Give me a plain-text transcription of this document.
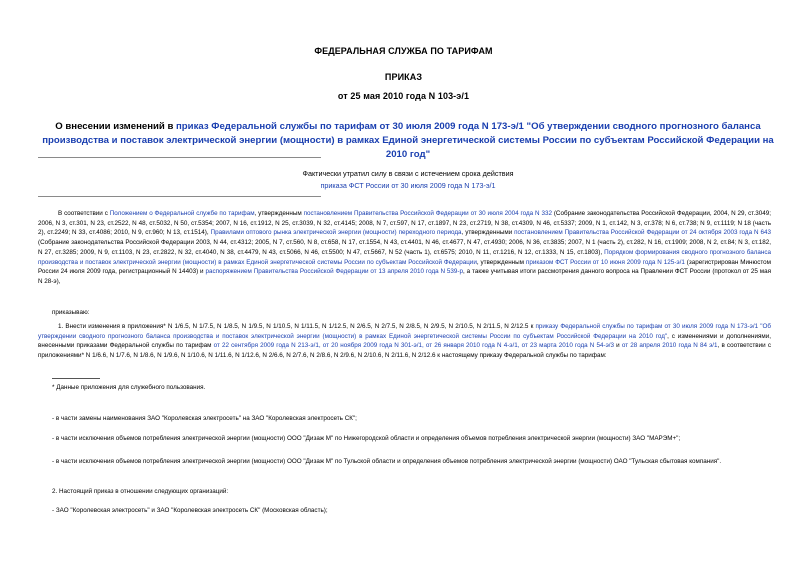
ФЕДЕРАЛЬНАЯ СЛУЖБА ПО ТАРИФАМ
ПРИКАЗ
от 25 мая 2010 года N 103-э/1
О внесении изменений в приказ Федеральной службы по тарифам от 30 июля 2009 года N 173-э/1 "Об утверждении сводного прогнозного баланса производства и поставок электрической энергии (мощности) в рамках Единой энергетической системы России по субъектам Российской Федерации на 2010 год"
Фактически утратил силу в связи с истечением срока действия
приказа ФСТ России от 30 июля 2009 года N 173-э/1

В соответствии с Положением о Федеральной службе по тарифам, утвержденным постановлением Правительства Российской Федерации от 30 июля 2004 года N 332 (Собрание законодательства Российской Федерации, 2004, N 29, ст.3049; 2006, N 3, ст.301, N 23, ст.2522, N 48, ст.5032, N 50, ст.5354; 2007, N 16, ст.1912, N 25, ст.3039, N 32, ст.4145; 2008, N 7, ст.597, N 17, ст.1897, N 23, ст.2719, N 38, ст.4309, N 46, ст.5337; 2009, N 1, ст.142, N 3, ст.378; N 6, ст.738; N 9, ст.1119; N 18 (часть 2), ст.2249; N 33, ст.4086; 2010, N 9, ст.960; N 13, ст.1514), Правилами оптового рынка электрической энергии (мощности) переходного периода, утвержденными постановлением Правительства Российской Федерации от 24 октября 2003 года N 643 (Собрание законодательства Российской Федерации 2003, N 44, ст.4312; 2005, N 7, ст.560, N 8, ст.658, N 17, ст.1554, N 43, ст.4401, N 46, ст.4677, N 47, ст.4930; 2006, N 36, ст.3835; 2007, N 1 (часть 2), ст.282, N 16, ст.1909; 2008, N 2, ст.84; N 3, ст.182, N 27, ст.3285; 2009, N 9, ст.1103, N 23, ст.2822, N 32, ст.4040, N 38, ст.4479, N 43, ст.5066, N 46, ст.5500; N 47, ст.5667, N 52 (часть 1), ст.6575; 2010, N 11, ст.1216, N 12, ст.1333, N 15, ст.1803), Порядком формирования сводного прогнозного баланса производства и поставок электрической энергии (мощности) в рамках Единой энергетической системы России по субъектам Российской Федерации, утвержденным приказом ФСТ России от 10 июня 2009 года N 125-э/1 (зарегистрирован Минюстом России 24 июля 2009 года, регистрационный N 14403) и распоряжением Правительства Российской Федерации от 13 апреля 2010 года N 539-р, а также учитывая итоги рассмотрения данного вопроса на Правлении ФСТ России (протокол от 25 мая N 28-э),

приказываю:

1. Внести изменения в приложения* N 1/6.5, N 1/7.5, N 1/8.5, N 1/9.5, N 1/10.5, N 1/11.5, N 1/12.5, N 2/6.5, N 2/7.5, N 2/8.5, N 2/9.5, N 2/10.5, N 2/11.5, N 2/12.5 к приказу Федеральной службы по тарифам от 30 июля 2009 года N 173-э/1 "Об утверждении сводного прогнозного баланса производства и поставок электрической энергии (мощности) в рамках Единой энергетической системы России по субъектам Российской Федерации на 2010 год", с изменениями и дополнениями, внесенными приказами Федеральной службы по тарифам от 22 сентября 2009 года N 213-э/1, от 20 ноября 2009 года N 301-э/1, от 26 января 2010 года N 4-э/1, от 23 марта 2010 года N 54-э/3 и от 28 апреля 2010 года N 84 э/1, в соответствии с приложениями* N 1/6.6, N 1/7.6, N 1/8.6, N 1/9.6, N 1/10.6, N 1/11.6, N 1/12.6, N 2/6.6, N 2/7.6, N 2/8.6, N 2/9.6, N 2/10.6, N 2/11.6, N 2/12.6 к настоящему приказу Федеральной службы по тарифам:

* Данные приложения для служебного пользования.

- в части замены наименования ЗАО "Королевская электросеть" на ЗАО "Королевская электросеть СК";

- в части исключения объемов потребления электрической энергии (мощности) ООО "Дизаж М" по Нижегородской области и определения объемов потребления электрической энергии (мощности) ЗАО "МАРЭМ+";

- в части исключения объемов потребления электрической энергии (мощности) ООО "Дизаж М" по Тульской области и определения объемов потребления электрической энергии (мощности) ОАО "Тульская сбытовая компания".

2. Настоящий приказ в отношении следующих организаций:

- ЗАО "Королевская электросеть" и ЗАО "Королевская электросеть СК" (Московская область);
